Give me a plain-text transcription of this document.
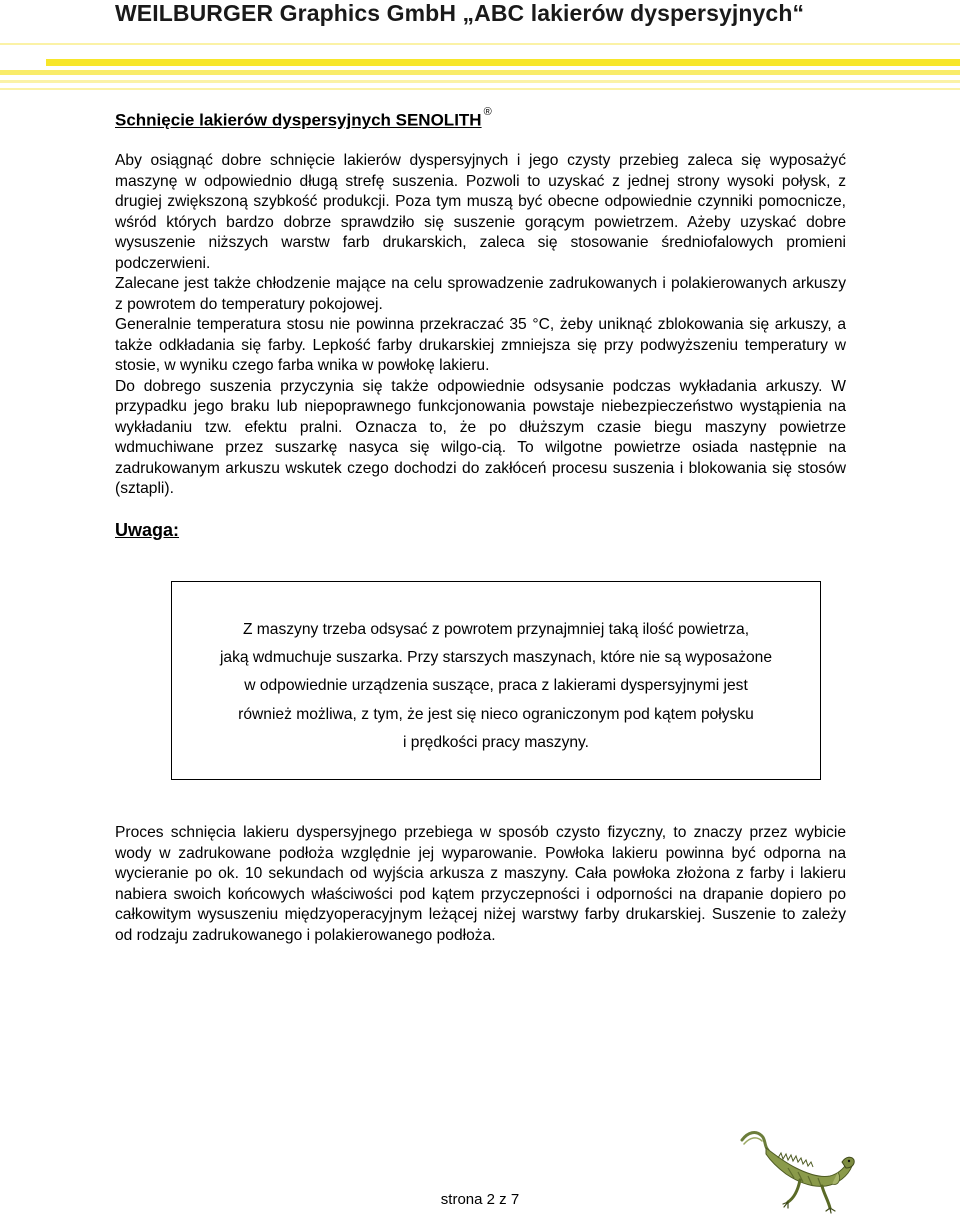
WEILBURGER Graphics GmbH „ABC lakierów dyspersyjnych“
Schnięcie lakierów dyspersyjnych SENOLITH ®
Aby osiągnąć dobre schnięcie lakierów dyspersyjnych i jego czysty przebieg zaleca się wyposażyć maszynę w odpowiednio długą strefę suszenia. Pozwoli to uzyskać z jednej strony wysoki połysk, z drugiej zwiększoną szybkość produkcji. Poza tym muszą być obecne odpowiednie czynniki pomocnicze, wśród których bardzo dobrze sprawdziło się suszenie gorącym powietrzem. Ażeby uzyskać dobre wysuszenie niższych warstw farb drukarskich, zaleca się stosowanie średniofalowych promieni podczerwieni.
Zalecane jest także chłodzenie mające na celu sprowadzenie zadrukowanych i polakierowanych arkuszy z powrotem do temperatury pokojowej.
Generalnie temperatura stosu nie powinna przekraczać 35 °C, żeby uniknąć zblokowania się arkuszy, a także odkładania się farby. Lepkość farby drukarskiej zmniejsza się przy podwyższeniu temperatury w stosie, w wyniku czego farba wnika w powłokę lakieru.
Do dobrego suszenia przyczynia się także odpowiednie odsysanie podczas wykładania arkuszy. W przypadku jego braku lub niepoprawnego funkcjonowania powstaje niebezpieczeństwo wystąpienia na wykładaniu tzw. efektu pralni. Oznacza to, że po dłuższym czasie biegu maszyny powietrze wdmuchiwane przez suszarkę nasyca się wilgo-cią. To wilgotne powietrze osiada następnie na zadrukowanym arkuszu wskutek czego dochodzi do zakłóceń procesu suszenia i blokowania się stosów (sztapli).
Uwaga:

Z maszyny trzeba odsysać z powrotem przynajmniej taką ilość powietrza,
jaką wdmuchuje suszarka. Przy starszych maszynach, które nie są wyposażone
w odpowiednie urządzenia suszące, praca z lakierami dyspersyjnymi jest
również możliwa, z tym, że jest się nieco ograniczonym pod kątem połysku
i prędkości pracy maszyny.

Proces schnięcia lakieru dyspersyjnego przebiega w sposób czysto fizyczny, to znaczy przez wybicie wody w zadrukowane podłoża względnie jej wyparowanie. Powłoka lakieru powinna być odporna na wycieranie po ok. 10 sekundach od wyjścia arkusza z maszyny. Cała powłoka złożona z farby i lakieru nabiera swoich końcowych właściwości pod kątem przyczepności i odporności na drapanie dopiero po całkowitym wysuszeniu międzyoperacyjnym leżącej niżej warstwy farby drukarskiej. Suszenie to zależy od rodzaju zadrukowanego i polakierowanego podłoża.

strona 2 z 7
